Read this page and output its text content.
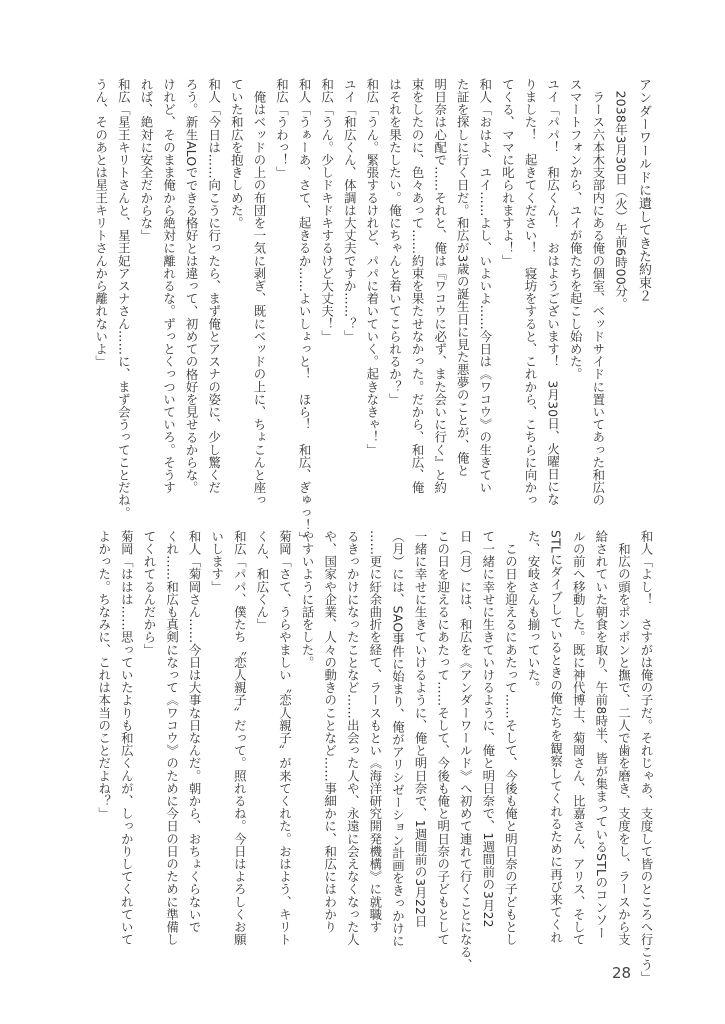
アンダーワールドに遺してきた約束２
　2038年3月30日（火）午前6時00分。
　ラース六本木支部内にある俺の個室、ベッドサイドに置いてあった和広の
スマートフォンから、ユイが俺たちを起こし始めた。
ユイ「パパ！　和広くん！　おはようございます！　3月30日、火曜日にな
りました！　起きてください！　寝坊をすると、これから、こちらに向かっ
てくる、ママに叱られますよ！」
和人「おはよ、ユイ……よし、いよいよ……今日は《ワコウ》の生きてい
た証を探しに行く日だ。和広が3歳の誕生日に見た悪夢のことが、俺と
明日奈は心配で……それと、俺は『ワコウに必ず、また会いに行く』と約
束をしたのに、色々あって……約束を果たせなかった。だから、和広、俺
はそれを果たしたい。俺にちゃんと着いてこられるか？」
和広「うん。緊張するけれど、パパに着いていく。起きなきゃ！」
ユイ「和広くん、体調は大丈夫ですか……？」
和広「うん。少しドキドキするけど大丈夫！」
和人「うぁーあ、さて、起きるか……よいしょっと！　ほら！　和広、ぎゅっ！」
和広「うわっ！」
　俺はベッドの上の布団を一気に剥ぎ、既にベッドの上に、ちょこんと座っ
ていた和広を抱きしめた。
和人「今日は……向こうに行ったら、まず俺とアスナの姿に、少し驚くだ
ろう。新生ALOでできる格好とは違って、初めての格好を見せるからな。
けれど、そのまま俺から絶対に離れるな。ずっとくっついていろ。そうす
れば、絶対に安全だからな」
和広「星王キリトさんと、星王妃アスナさん……に、まず会うってことだね。
うん、そのあとは星王キリトさんから離れないよ」
和人「よし！　さすがは俺の子だ。それじゃあ、支度して皆のところへ行こう」
　和広の頭をポンポンと撫で、二人で歯を磨き、支度をし、ラースから支
給されていた朝食を取り、午前8時半、皆が集まっているSTLのコンソー
ルの前へ移動した。既に神代博士、菊岡さん、比嘉さん、アリス、そして
STLにダイブしているときの俺たちを観察してくれるために再び来てくれ
た、安岐さんも揃っていた。
　この日を迎えるにあたって……そして、今後も俺と明日奈の子どもとし
て一緒に幸せに生きていけるように、俺と明日奈で、1週間前の3月22
日（月）には、和広を《アンダーワールド》へ初めて連れて行くことになる、
この日を迎えるにあたって……そして、今後も俺と明日奈の子どもとして
一緒に幸せに生きていけるように、俺と明日奈で、1週間前の3月22日
（月）には、SAO事件に始まり、俺がアリシゼーション計画をきっかけに
……更に紆余曲折を経て、ラースもとい《海洋研究開発機構》に就職す
るきっかけになったことなど……出会った人や、永遠に会えなくなった人
や、国家や企業、人々の動きのことなど……事細かに、和広にはわかり
やすいように話をした。
菊岡「さて、うらやましい〝恋人親子〟が来てくれた。おはよう、キリト
くん、和広くん」
和広「パパ、僕たち〝恋人親子〟だって。照れるね。今日はよろしくお願
いします」
和人「菊岡さん……今日は大事な日なんだ。朝から、おちょくらないで
くれ……和広も真剣になって《ワコウ》のために今日の日のために準備し
てくれてるんだから」
菊岡「ははは……思っていたよりも和広くんが、しっかりしてくれていて
よかった。ちなみに、これは本当のことだよね？」
28
